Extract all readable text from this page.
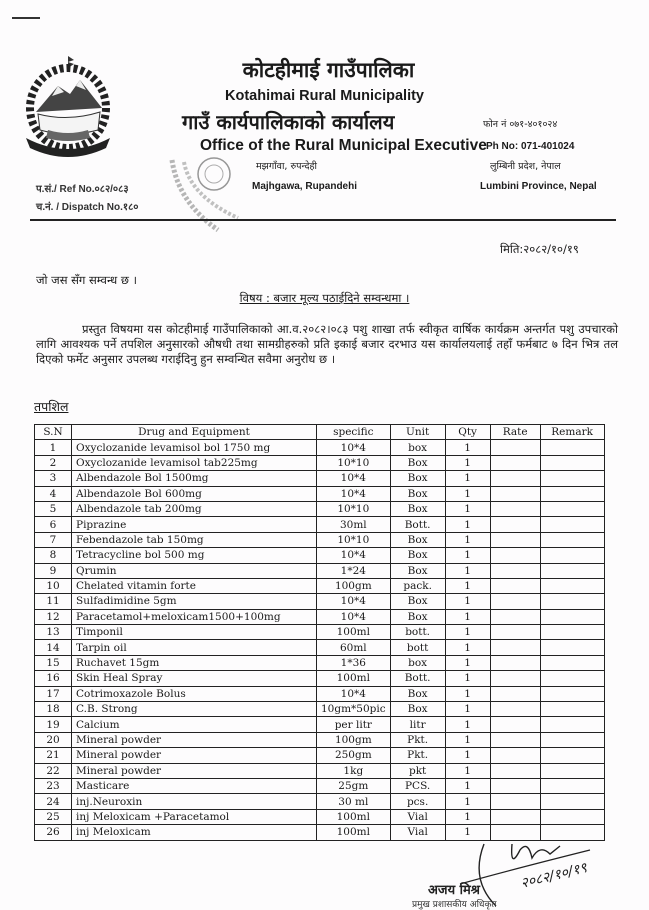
कोटहीमाई गाउँपालिका
Kotahimai Rural Municipality
गाउँ कार्यपालिकाको कार्यालय	फोन नं ०७१-४०१०२४
Office of the Rural Municipal Executive Ph No: 071-401024
मझगाँवा, रुपन्देही	लुम्बिनी प्रदेश, नेपाल
प.सं./ Ref No.०८२/०८३	Majhgawa, Rupandehi	Lumbini Province, Nepal
च.नं. / Dispatch No.१८०
मिति:२०८२/१०/१९
जो जस सँग सम्वन्ध छ ।
विषय : बजार मूल्य पठाईदिने सम्वन्धमा ।
प्रस्तुत विषयमा यस कोटहीमाई गाउँपालिकाको आ.व.२०८२।०८३ पशु शाखा तर्फ स्वीकृत वार्षिक कार्यक्रम अन्तर्गत पशु उपचारको लागि आवश्यक पर्ने तपशिल अनुसारको औषधी तथा सामग्रीहरुको प्रति इकाई बजार दरभाउ यस कार्यालयलाई तहाँ फर्मबाट ७ दिन भित्र तल दिएको फर्मेट अनुसार उपलब्ध गराईदिनु हुन सम्वन्धित सवैमा अनुरोध छ ।
तपशिल
S.N	Drug and Equipment	specific	Unit	Qty	Rate	Remark
1	Oxyclozanide levamisol bol 1750 mg	10*4	box	1		
2	Oxyclozanide levamisol tab225mg	10*10	Box	1		
3	Albendazole Bol 1500mg	10*4	Box	1		
4	Albendazole Bol 600mg	10*4	Box	1		
5	Albendazole tab 200mg	10*10	Box	1		
6	Piprazine	30ml	Bott.	1		
7	Febendazole tab 150mg	10*10	Box	1		
8	Tetracycline bol 500 mg	10*4	Box	1		
9	Qrumin	1*24	Box	1		
10	Chelated vitamin forte	100gm	pack.	1		
11	Sulfadimidine 5gm	10*4	Box	1		
12	Paracetamol+meloxicam1500+100mg	10*4	Box	1		
13	Timponil	100ml	bott.	1		
14	Tarpin oil	60ml	bott	1		
15	Ruchavet 15gm	1*36	box	1		
16	Skin Heal Spray	100ml	Bott.	1		
17	Cotrimoxazole Bolus	10*4	Box	1		
18	C.B. Strong	10gm*50pic	Box	1		
19	Calcium	per litr	litr	1		
20	Mineral powder	100gm	Pkt.	1		
21	Mineral powder	250gm	Pkt.	1		
22	Mineral powder	1kg	pkt	1		
23	Masticare	25gm	PCS.	1		
24	inj.Neuroxin	30 ml	pcs.	1		
25	inj Meloxicam +Paracetamol	100ml	Vial	1		
26	inj Meloxicam	100ml	Vial	1		
२०८२/१०/१९
अजय मिश्र
प्रमुख प्रशासकीय अधिकृत
